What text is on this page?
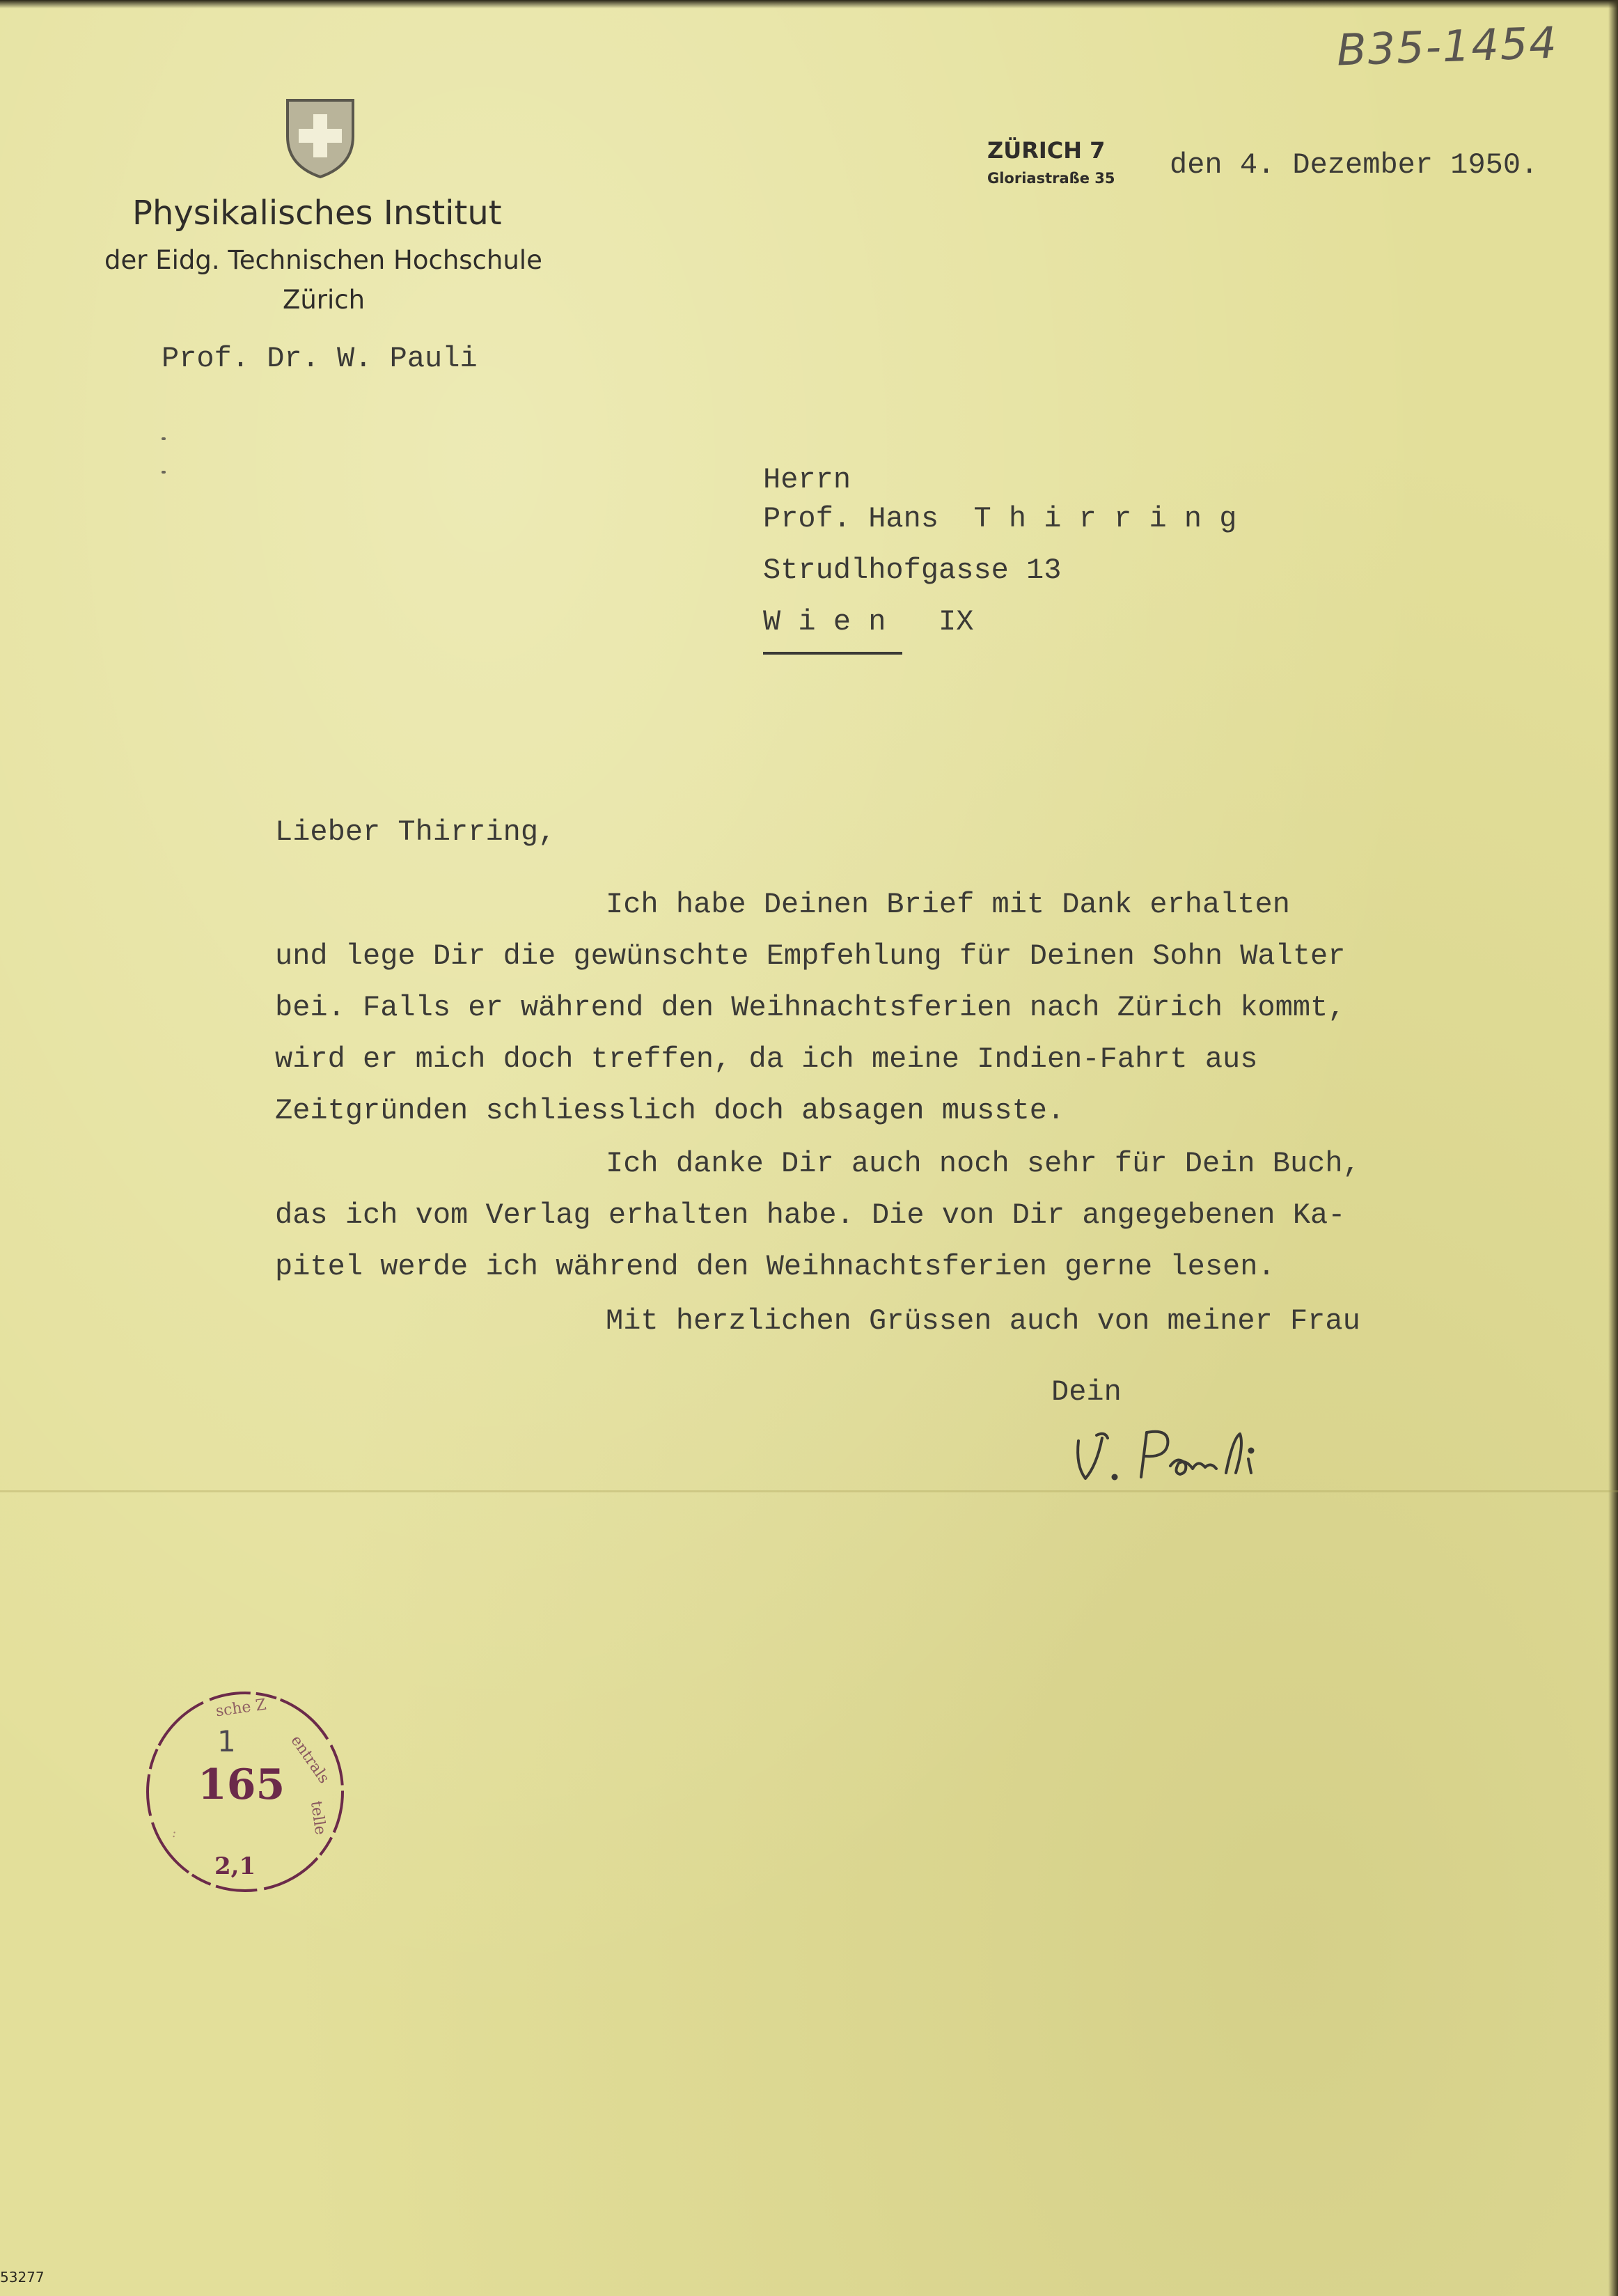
B35-1454
Physikalisches Institut
der Eidg. Technischen Hochschule
Zürich
Prof. Dr. W. Pauli
ZÜRICH 7
Gloriastraße 35 den 4. Dezember 1950.
Herrn
Prof. Hans  T h i r r i n g
Strudlhofgasse 13
W i e n   IX
Lieber Thirring,
Ich habe Deinen Brief mit Dank erhalten
und lege Dir die gewünschte Empfehlung für Deinen Sohn Walter
bei. Falls er während den Weihnachtsferien nach Zürich kommt,
wird er mich doch treffen, da ich meine Indien-Fahrt aus
Zeitgründen schliesslich doch absagen musste.
Ich danke Dir auch noch sehr für Dein Buch,
das ich vom Verlag erhalten habe. Die von Dir angegebenen Ka-
pitel werde ich während den Weihnachtsferien gerne lesen.
Mit herzlichen Grüssen auch von meiner Frau
Dein
sche Z
entrals
telle
..
1
165
2,1
53277
